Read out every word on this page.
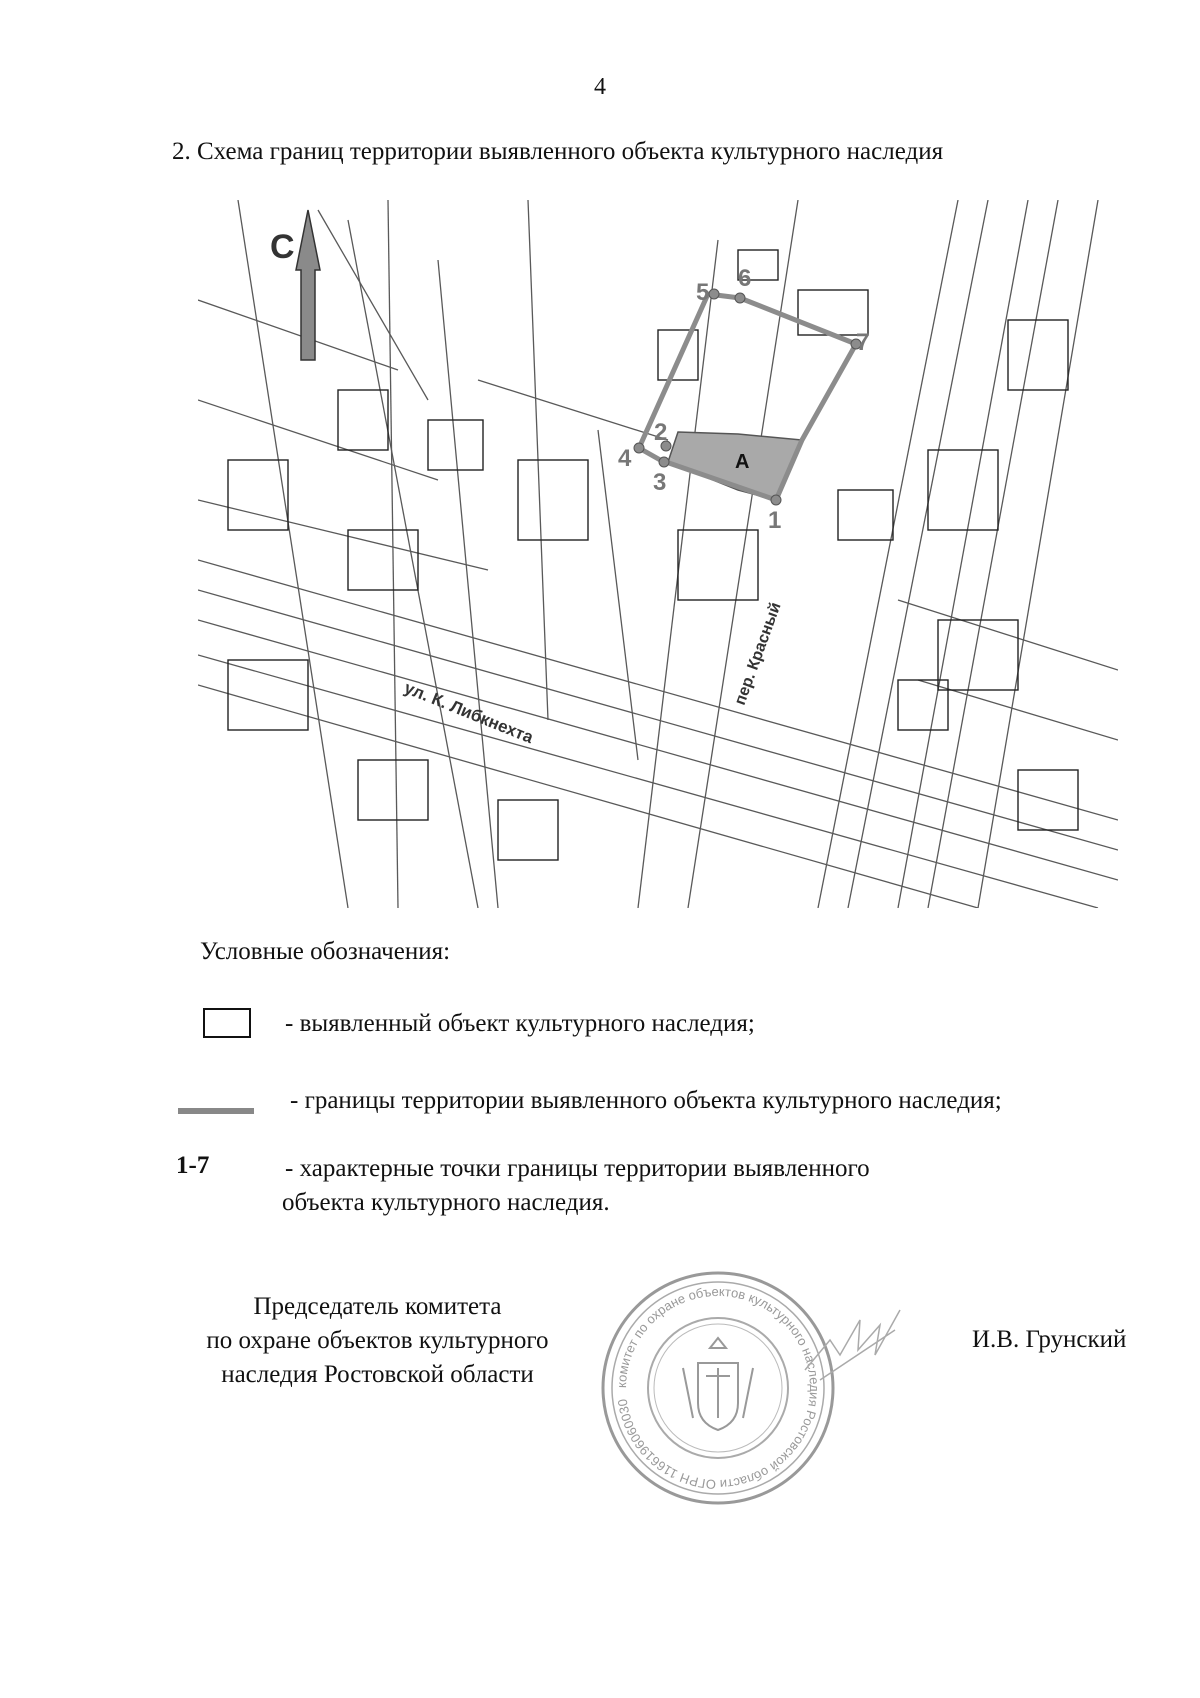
4
2. Схема границ территории выявленного объекта культурного наследия
С
А
1
2
3
4
5
6
7
ул. К. Либкнехта
пер. Красный
Условные обозначения:
- выявленный объект культурного наследия;
- границы территории выявленного объекта культурного наследия;
1-7	- характерные точки границы территории выявленного
объекта культурного наследия.
Председатель комитета
по охране объектов культурного
наследия Ростовской области	комитет по охране объектов культурного наследия Ростовской области ОГРН 1166196060030
И.В. Грунский
